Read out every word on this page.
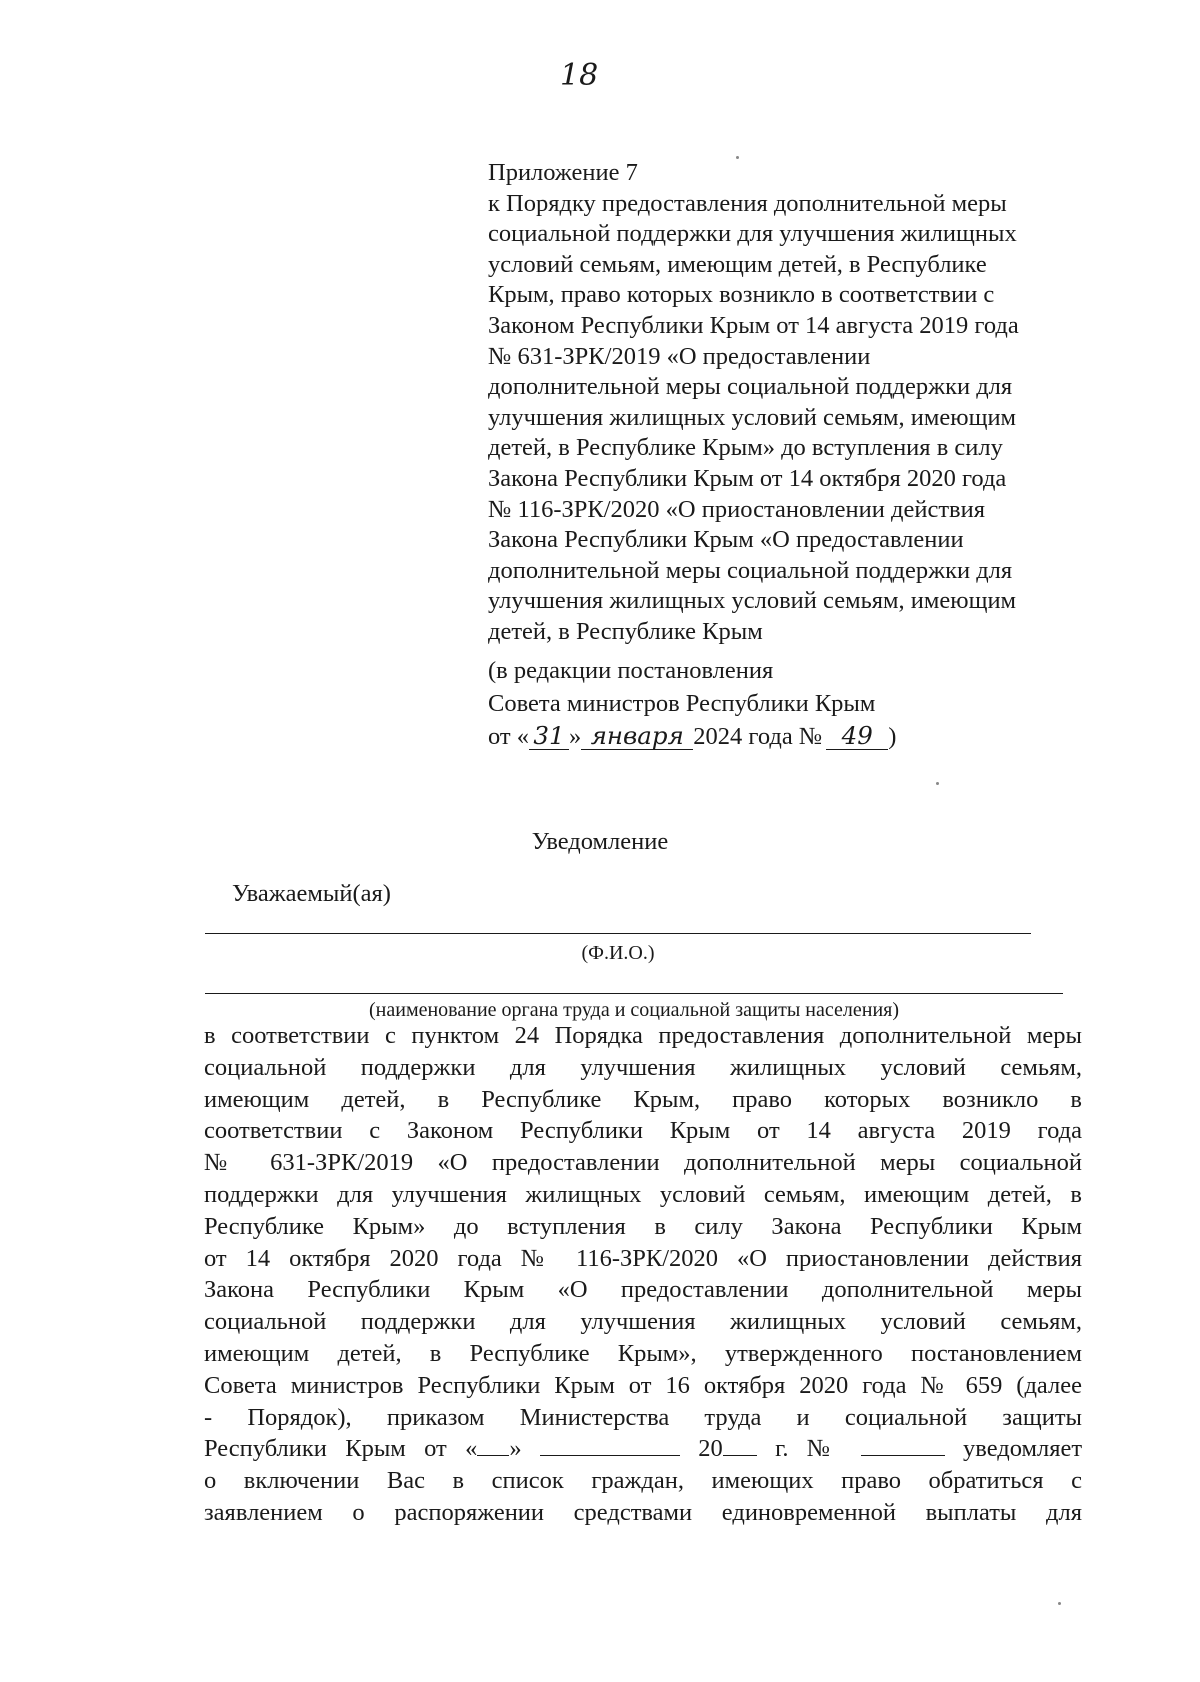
18
Приложение 7
к Порядку предоставления дополнительной меры
социальной поддержки для улучшения жилищных
условий семьям, имеющим детей, в Республике
Крым, право которых возникло в соответствии с
Законом Республики Крым от 14 августа 2019 года
№ 631-ЗРК/2019 «О предоставлении
дополнительной меры социальной поддержки для
улучшения жилищных условий семьям, имеющим
детей, в Республике Крым» до вступления в силу
Закона Республики Крым от 14 октября 2020 года
№ 116-ЗРК/2020 «О приостановлении действия
Закона Республики Крым «О предоставлении
дополнительной меры социальной поддержки для
улучшения жилищных условий семьям, имеющим
детей, в Республике Крым
(в редакции постановления
Совета министров Республики Крым
от « 31 » января 2024 года № 49 )
Уведомление
Уважаемый(ая)
(Ф.И.О.)
(наименование органа труда и социальной защиты населения)
в соответствии с пунктом 24 Порядка предоставления дополнительной меры
социальной поддержки для улучшения жилищных условий семьям,
имеющим детей, в Республике Крым, право которых возникло в
соответствии с Законом Республики Крым от 14 августа 2019 года
№ 631-ЗРК/2019 «О предоставлении дополнительной меры социальной
поддержки для улучшения жилищных условий семьям, имеющим детей, в
Республике Крым» до вступления в силу Закона Республики Крым
от 14 октября 2020 года № 116-ЗРК/2020 «О приостановлении действия
Закона Республики Крым «О предоставлении дополнительной меры
социальной поддержки для улучшения жилищных условий семьям,
имеющим детей, в Республике Крым», утвержденного постановлением
Совета министров Республики Крым от 16 октября 2020 года № 659 (далее
- Порядок), приказом Министерства труда и социальной защиты
Республики Крым от « »	20 г. №	уведомляет
о включении Вас в список граждан, имеющих право обратиться с
заявлением о распоряжении средствами единовременной выплаты для
